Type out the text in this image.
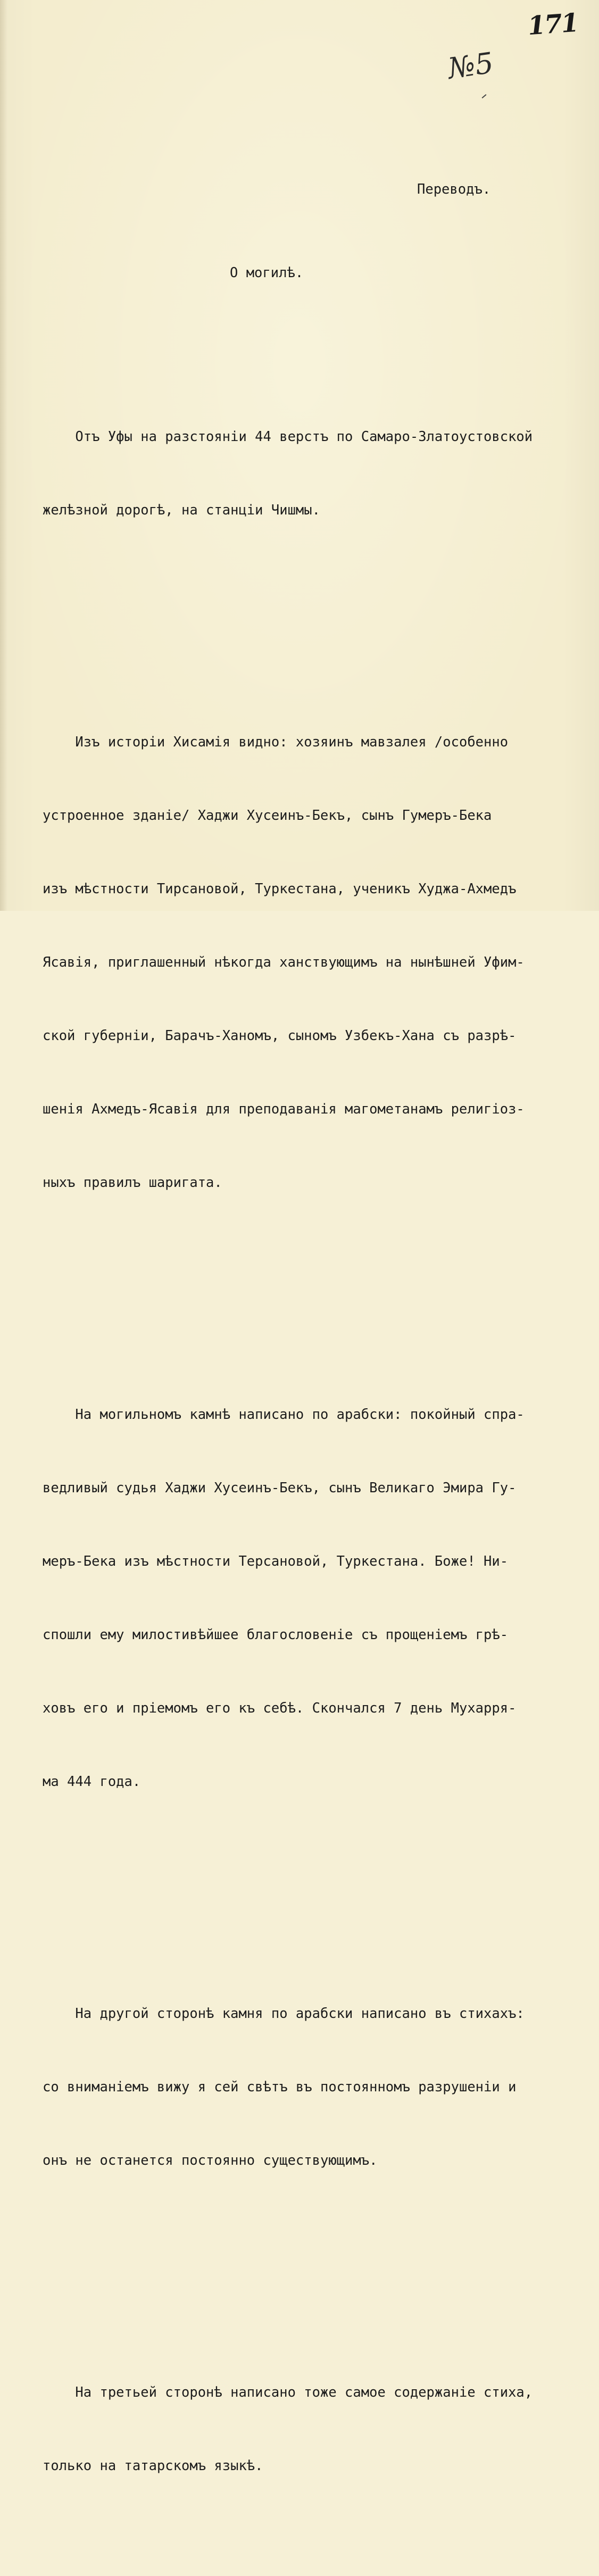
171
№5
Переводъ.
О могилѣ.

Отъ Уфы на разстоянiи 44 верстъ по Самаро-Златоустовской

желѣзной дорогѣ, на станцiи Чишмы.

Изъ исторiи Хисамiя видно: хозяинъ мавзалея /особенно

устроенное зданiе/ Хаджи Хусеинъ-Бекъ, сынъ Гумеръ-Бека

изъ мѣстности Тирсановой, Туркестана, ученикъ Худжа-Ахмедъ

Ясавiя, приглашенный нѣкогда ханствующимъ на нынѣшней Уфим-

ской губернiи, Барачъ-Ханомъ, сыномъ Узбекъ-Хана съ разрѣ-

шенiя Ахмедъ-Ясавiя для преподаванiя магометанамъ религiоз-

ныхъ правилъ шаригата.

На могильномъ камнѣ написано по арабски: покойный спра-

ведливый судья Хаджи Хусеинъ-Бекъ, сынъ Великаго Эмира Гу-

меръ-Бека изъ мѣстности Терсановой, Туркестана. Боже! Ни-

спошли ему милостивѣйшее благословенiе съ прощенiемъ грѣ-

ховъ его и прiемомъ его къ себѣ. Скончался 7 день Мухарря-

ма 444 года.

На другой сторонѣ камня по арабски написано въ стихахъ:

со вниманiемъ вижу я сей свѣтъ въ постоянномъ разрушенiи и

онъ не останется постоянно существующимъ.

На третьей сторонѣ написано тоже самое содержанiе стиха,

только на татарскомъ языкѣ.
